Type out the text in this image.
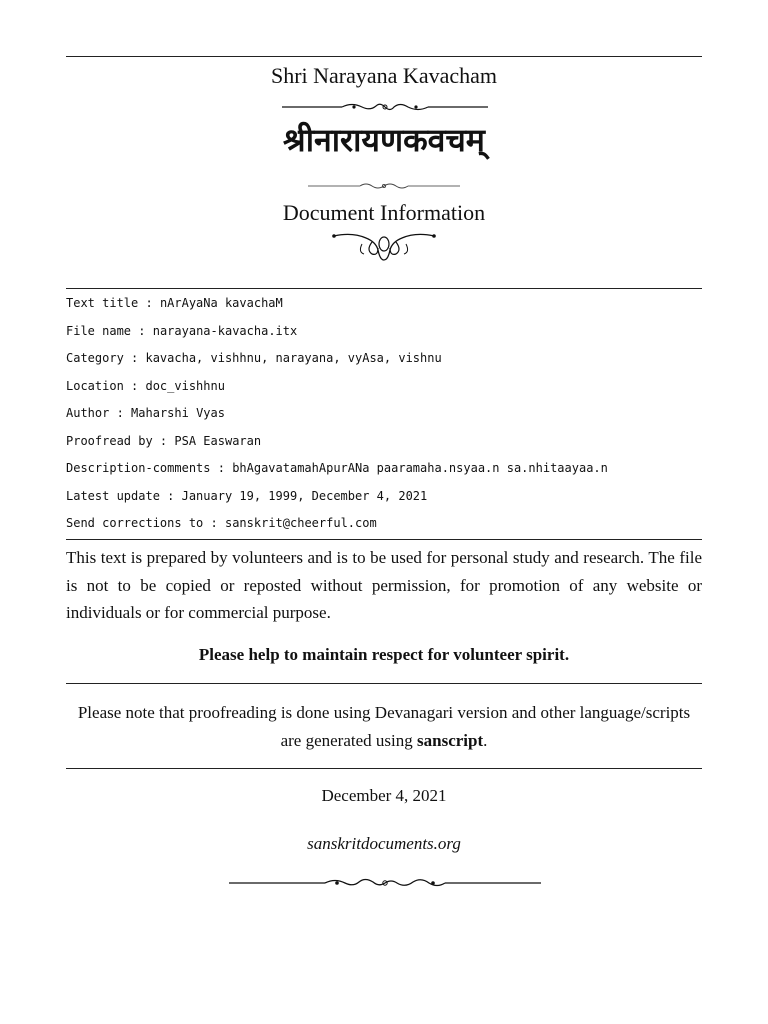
Shri Narayana Kavacham
श्रीनारायणकवचम्
Document Information
Text title : nArAyaNa kavachaM
File name : narayana-kavacha.itx
Category : kavacha, vishhnu, narayana, vyAsa, vishnu
Location : doc_vishhnu
Author : Maharshi Vyas
Proofread by : PSA Easwaran
Description-comments : bhAgavatamahApurANa paaramaha.nsyaa.n sa.nhitaayaa.n
Latest update : January 19, 1999, December 4, 2021
Send corrections to : sanskrit@cheerful.com
This text is prepared by volunteers and is to be used for personal study and research. The file is not to be copied or reposted without permission, for promotion of any website or individuals or for commercial purpose.
Please help to maintain respect for volunteer spirit.
Please note that proofreading is done using Devanagari version and other language/scripts are generated using sanscript.
December 4, 2021
sanskritdocuments.org
